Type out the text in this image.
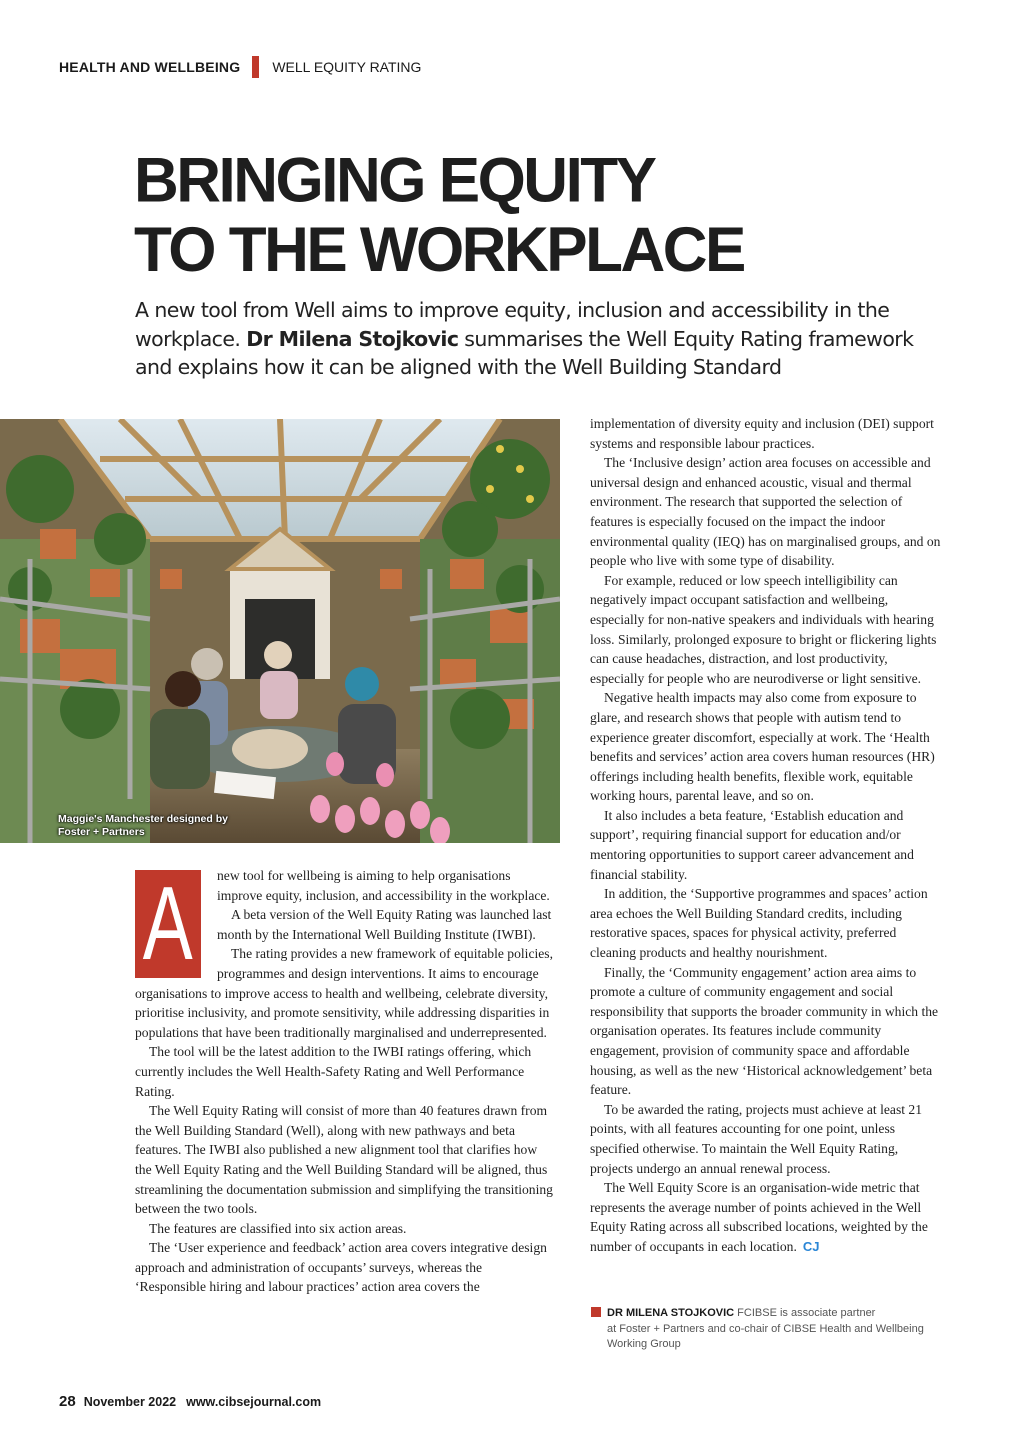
HEALTH AND WELLBEING WELL EQUITY RATING
BRINGING EQUITY
TO THE WORKPLACE

A new tool from Well aims to improve equity, inclusion and accessibility in the workplace. Dr Milena Stojkovic summarises the Well Equity Rating framework and explains how it can be aligned with the Well Building Standard

Maggie's Manchester designed by Foster + Partners
A	new tool for wellbeing is aiming to help organisations improve equity, inclusion, and accessibility in the workplace.

A beta version of the Well Equity Rating was launched last month by the International Well Building Institute (IWBI).

The rating provides a new framework of equitable policies, programmes and design interventions. It aims to encourage organisations to improve access to health and wellbeing, celebrate diversity, prioritise inclusivity, and promote sensitivity, while addressing disparities in populations that have been traditionally marginalised and underrepresented.

The tool will be the latest addition to the IWBI ratings offering, which currently includes the Well Health-Safety Rating and Well Performance Rating.

The Well Equity Rating will consist of more than 40 features drawn from the Well Building Standard (Well), along with new pathways and beta features. The IWBI also published a new alignment tool that clarifies how the Well Equity Rating and the Well Building Standard will be aligned, thus streamlining the documentation submission and simplifying the transitioning between the two tools.

The features are classified into six action areas.

The ‘User experience and feedback’ action area covers integrative design approach and administration of occupants’ surveys, whereas the ‘Responsible hiring and labour practices’ action area covers the

implementation of diversity equity and inclusion (DEI) support systems and responsible labour practices.

The ‘Inclusive design’ action area focuses on accessible and universal design and enhanced acoustic, visual and thermal environment. The research that supported the selection of features is especially focused on the impact the indoor environmental quality (IEQ) has on marginalised groups, and on people who live with some type of disability.

For example, reduced or low speech intelligibility can negatively impact occupant satisfaction and wellbeing, especially for non-native speakers and individuals with hearing loss. Similarly, prolonged exposure to bright or flickering lights can cause headaches, distraction, and lost productivity, especially for people who are neurodiverse or light sensitive.

Negative health impacts may also come from exposure to glare, and research shows that people with autism tend to experience greater discomfort, especially at work. The ‘Health benefits and services’ action area covers human resources (HR) offerings including health benefits, flexible work, equitable working hours, parental leave, and so on.

It also includes a beta feature, ‘Establish education and support’, requiring financial support for education and/or mentoring opportunities to support career advancement and financial stability.

In addition, the ‘Supportive programmes and spaces’ action area echoes the Well Building Standard credits, including restorative spaces, spaces for physical activity, preferred cleaning products and healthy nourishment.

Finally, the ‘Community engagement’ action area aims to promote a culture of community engagement and social responsibility that supports the broader community in which the organisation operates. Its features include community engagement, provision of community space and affordable housing, as well as the new ‘Historical acknowledgement’ beta feature.

To be awarded the rating, projects must achieve at least 21 points, with all features accounting for one point, unless specified otherwise. To maintain the Well Equity Rating, projects undergo an annual renewal process.

The Well Equity Score is an organisation-wide metric that represents the average number of points achieved in the Well Equity Rating across all subscribed locations, weighted by the number of occupants in each location. CJ

DR MILENA STOJKOVIC FCIBSE is associate partner
at Foster + Partners and co-chair of CIBSE Health and Wellbeing Working Group
28 November 2022 www.cibsejournal.com
